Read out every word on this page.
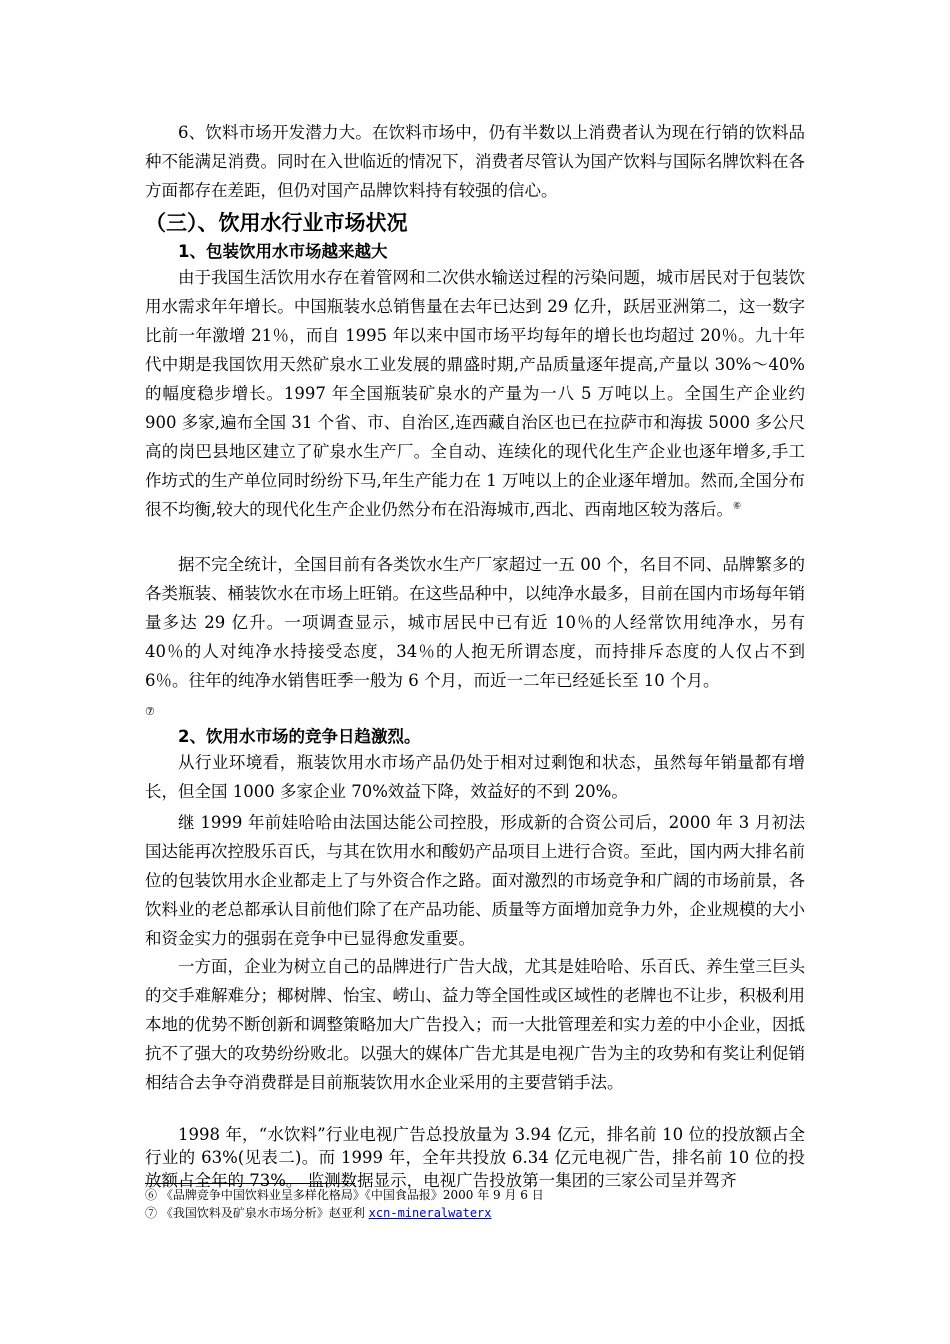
6、饮料市场开发潜力大。在饮料市场中，仍有半数以上消费者认为现在行销的饮料品种不能满足消费。同时在入世临近的情况下，消费者尽管认为国产饮料与国际名牌饮料在各方面都存在差距，但仍对国产品牌饮料持有较强的信心。

（三）、饮用水行业市场状况
1、包装饮用水市场越来越大

由于我国生活饮用水存在着管网和二次供水输送过程的污染问题，城市居民对于包装饮用水需求年年增长。中国瓶装水总销售量在去年已达到 29 亿升，跃居亚洲第二，这一数字比前一年激增 21％，而自 1995 年以来中国市场平均每年的增长也均超过 20％。九十年代中期是我国饮用天然矿泉水工业发展的鼎盛时期,产品质量逐年提高,产量以 30%～40%的幅度稳步增长。1997 年全国瓶装矿泉水的产量为一八 5 万吨以上。全国生产企业约 900 多家,遍布全国 31 个省、市、自治区,连西藏自治区也已在拉萨市和海拔 5000 多公尺高的岗巴县地区建立了矿泉水生产厂。全自动、连续化的现代化生产企业也逐年增多,手工作坊式的生产单位同时纷纷下马,年生产能力在 1 万吨以上的企业逐年增加。然而,全国分布很不均衡,较大的现代化生产企业仍然分布在沿海城市,西北、西南地区较为落后。⑥

据不完全统计，全国目前有各类饮水生产厂家超过一五 00 个，名目不同、品牌繁多的各类瓶装、桶装饮水在市场上旺销。在这些品种中，以纯净水最多，目前在国内市场每年销量多达 29 亿升。一项调查显示，城市居民中已有近 10％的人经常饮用纯净水，另有 40％的人对纯净水持接受态度，34％的人抱无所谓态度，而持排斥态度的人仅占不到 6％。往年的纯净水销售旺季一般为 6 个月，而近一二年已经延长至 10 个月。
⑦

2、饮用水市场的竞争日趋激烈。

从行业环境看，瓶装饮用水市场产品仍处于相对过剩饱和状态，虽然每年销量都有增长，但全国 1000 多家企业 70%效益下降，效益好的不到 20%。

继 1999 年前娃哈哈由法国达能公司控股，形成新的合资公司后，2000 年 3 月初法国达能再次控股乐百氏，与其在饮用水和酸奶产品项目上进行合资。至此，国内两大排名前位的包装饮用水企业都走上了与外资合作之路。面对激烈的市场竞争和广阔的市场前景，各饮料业的老总都承认目前他们除了在产品功能、质量等方面增加竞争力外，企业规模的大小和资金实力的强弱在竞争中已显得愈发重要。

一方面，企业为树立自己的品牌进行广告大战，尤其是娃哈哈、乐百氏、养生堂三巨头的交手难解难分；椰树牌、怡宝、崂山、益力等全国性或区域性的老牌也不让步，积极利用本地的优势不断创新和调整策略加大广告投入；而一大批管理差和实力差的中小企业，因抵抗不了强大的攻势纷纷败北。以强大的媒体广告尤其是电视广告为主的攻势和有奖让利促销相结合去争夺消费群是目前瓶装饮用水企业采用的主要营销手法。

1998 年，“水饮料”行业电视广告总投放量为 3.94 亿元，排名前 10 位的投放额占全行业的 63%(见表二)。而 1999 年，全年共投放 6.34 亿元电视广告，排名前 10 位的投放额占全年的 73%。 监测数据显示，电视广告投放第一集团的三家公司呈并驾齐

⑥ 《品牌竞争中国饮料业呈多样化格局》《中国食品报》2000 年 9 月 6 日

⑦ 《我国饮料及矿泉水市场分析》赵亚利 xcn-mineralwaterx
